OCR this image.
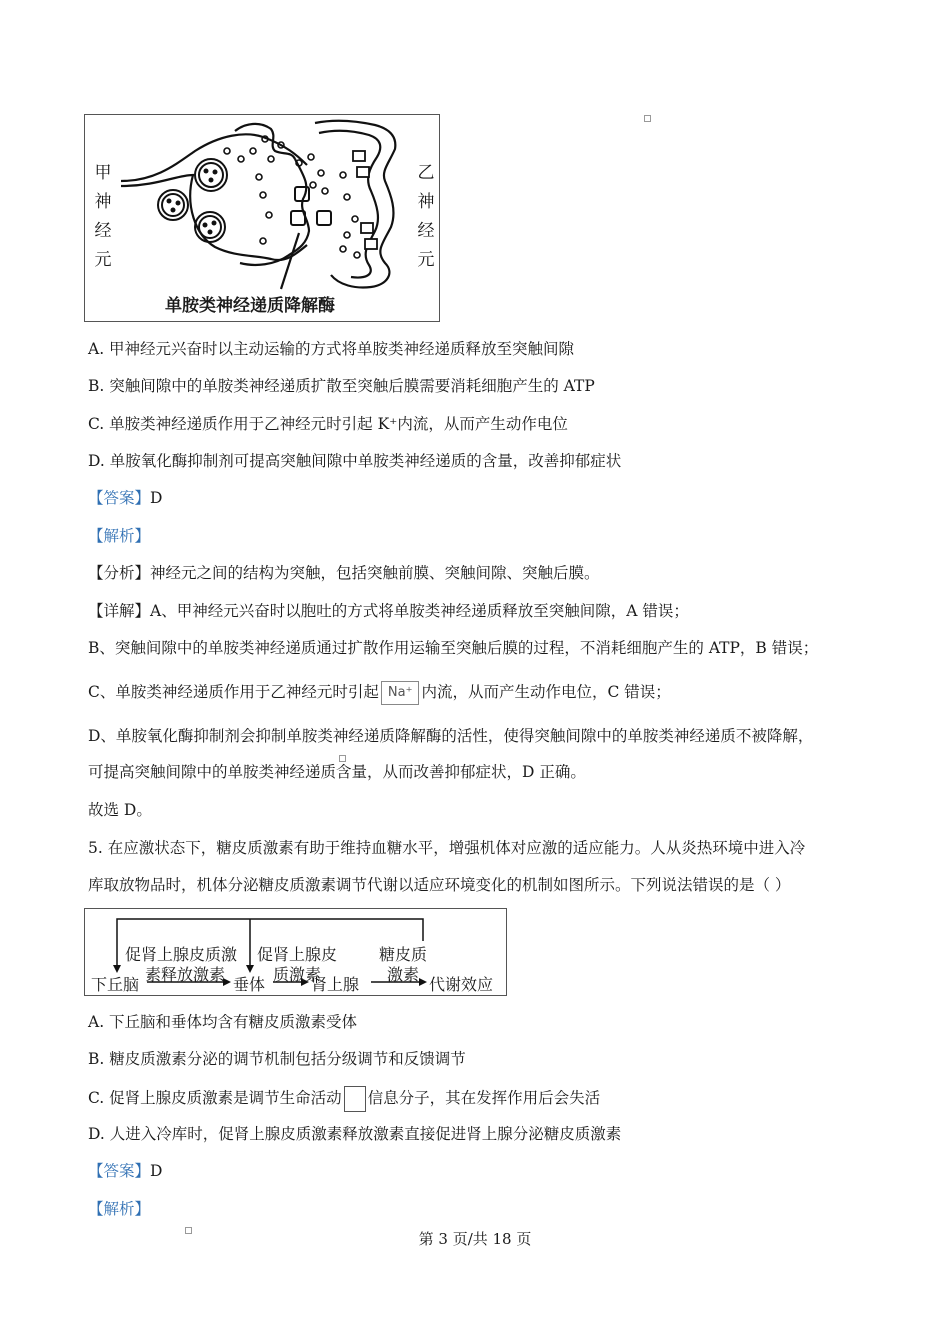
甲神经元
乙神经元
单胺类神经递质降解酶
A. 甲神经元兴奋时以主动运输的方式将单胺类神经递质释放至突触间隙
B. 突触间隙中的单胺类神经递质扩散至突触后膜需要消耗细胞产生的 ATP
C. 单胺类神经递质作用于乙神经元时引起 K⁺内流，从而产生动作电位
D. 单胺氧化酶抑制剂可提高突触间隙中单胺类神经递质的含量，改善抑郁症状
【答案】D
【解析】
【分析】神经元之间的结构为突触，包括突触前膜、突触间隙、突触后膜。
【详解】A、甲神经元兴奋时以胞吐的方式将单胺类神经递质释放至突触间隙，A 错误；
B、突触间隙中的单胺类神经递质通过扩散作用运输至突触后膜的过程，不消耗细胞产生的 ATP，B 错误；
C、单胺类神经递质作用于乙神经元时引起 Na⁺ 内流，从而产生动作电位，C 错误；
D、单胺氧化酶抑制剂会抑制单胺类神经递质降解酶的活性，使得突触间隙中的单胺类神经递质不被降解，
可提高突触间隙中的单胺类神经递质含量，从而改善抑郁症状，D 正确。
故选 D。
5. 在应激状态下，糖皮质激素有助于维持血糖水平，增强机体对应激的适应能力。人从炎热环境中进入冷
库取放物品时，机体分泌糖皮质激素调节代谢以适应环境变化的机制如图所示。下列说法错误的是（ ）
下丘脑
促肾上腺皮质激
素释放激素
垂体
促肾上腺皮
质激素
肾上腺
糖皮质
激素
代谢效应
A. 下丘脑和垂体均含有糖皮质激素受体
B. 糖皮质激素分泌的调节机制包括分级调节和反馈调节
C. 促肾上腺皮质激素是调节生命活动 信息分子，其在发挥作用后会失活
D. 人进入冷库时，促肾上腺皮质激素释放激素直接促进肾上腺分泌糖皮质激素
【答案】D
【解析】
第 3 页/共 18 页
